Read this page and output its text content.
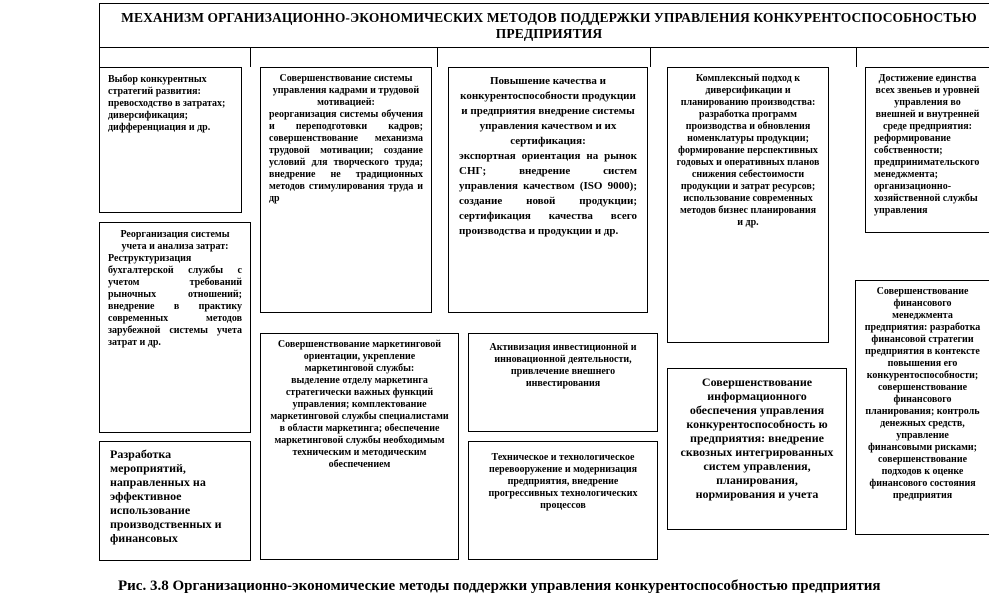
МЕХАНИЗМ ОРГАНИЗАЦИОННО-ЭКОНОМИЧЕСКИХ МЕТОДОВ ПОДДЕРЖКИ УПРАВЛЕНИЯ КОНКУРЕНТОСПОСОБНОСТЬЮ ПРЕДПРИЯТИЯ
Выбор конкурентных стратегий развития: превосходство в затратах; диверсификация; дифференциация и др.
Реорганизация системы учета и анализа затрат:
Реструктуризация бухгалтерской службы с учетом требований рыночных отношений; внедрение в практику современных методов зарубежной системы учета затрат и др.
Разработка мероприятий, направленных на эффективное использование производственных и финансовых
Совершенствование системы управления кадрами и трудовой мотивацией:
реорганизация системы обучения и переподготовки кадров; совершенствование механизма трудовой мотивации; создание условий для творческого труда; внедрение не традиционных методов стимулирования труда и др
Совершенствование маркетинговой ориентации, укрепление маркетинговой службы:
выделение отделу маркетинга стратегически важных функций управления; комплектование маркетинговой службы специалистами в области маркетинга; обеспечение маркетинговой службы необходимым техническим и методическим обеспечением
Повышение качества и конкурентоспособности продукции и предприятия внедрение системы управления качеством и их сертификация:
экспортная ориентация на рынок СНГ; внедрение систем управления качеством (ISO 9000); создание новой продукции; сертификация качества всего производства и продукции и др.
Активизация инвестиционной и инновационной деятельности, привлечение внешнего инвестирования
Техническое и технологическое перевооружение и модернизация предприятия, внедрение прогрессивных технологических процессов
Комплексный подход к диверсификации и планированию производства: разработка программ производства и обновления номенклатуры продукции; формирование перспективных годовых и оперативных планов снижения себестоимости продукции и затрат ресурсов; использование современных методов бизнес планирования и др.
Совершенствование информационного обеспечения управления конкурентоспособность ю предприятия: внедрение сквозных интегрированных систем управления, планирования, нормирования и учета
Достижение единства всех звеньев и уровней управления во внешней и внутренней среде предприятия:
реформирование собственности; предпринимательского менеджмента; организационно-хозяйственной службы управления
Совершенствование финансового менеджмента предприятия: разработка финансовой стратегии предприятия в контексте повышения его конкурентоспособности; совершенствование финансового планирования; контроль денежных средств, управление финансовыми рисками; совершенствование подходов к оценке финансового состояния предприятия
Рис. 3.8 Организационно-экономические методы поддержки управления конкурентоспособностью предприятия
